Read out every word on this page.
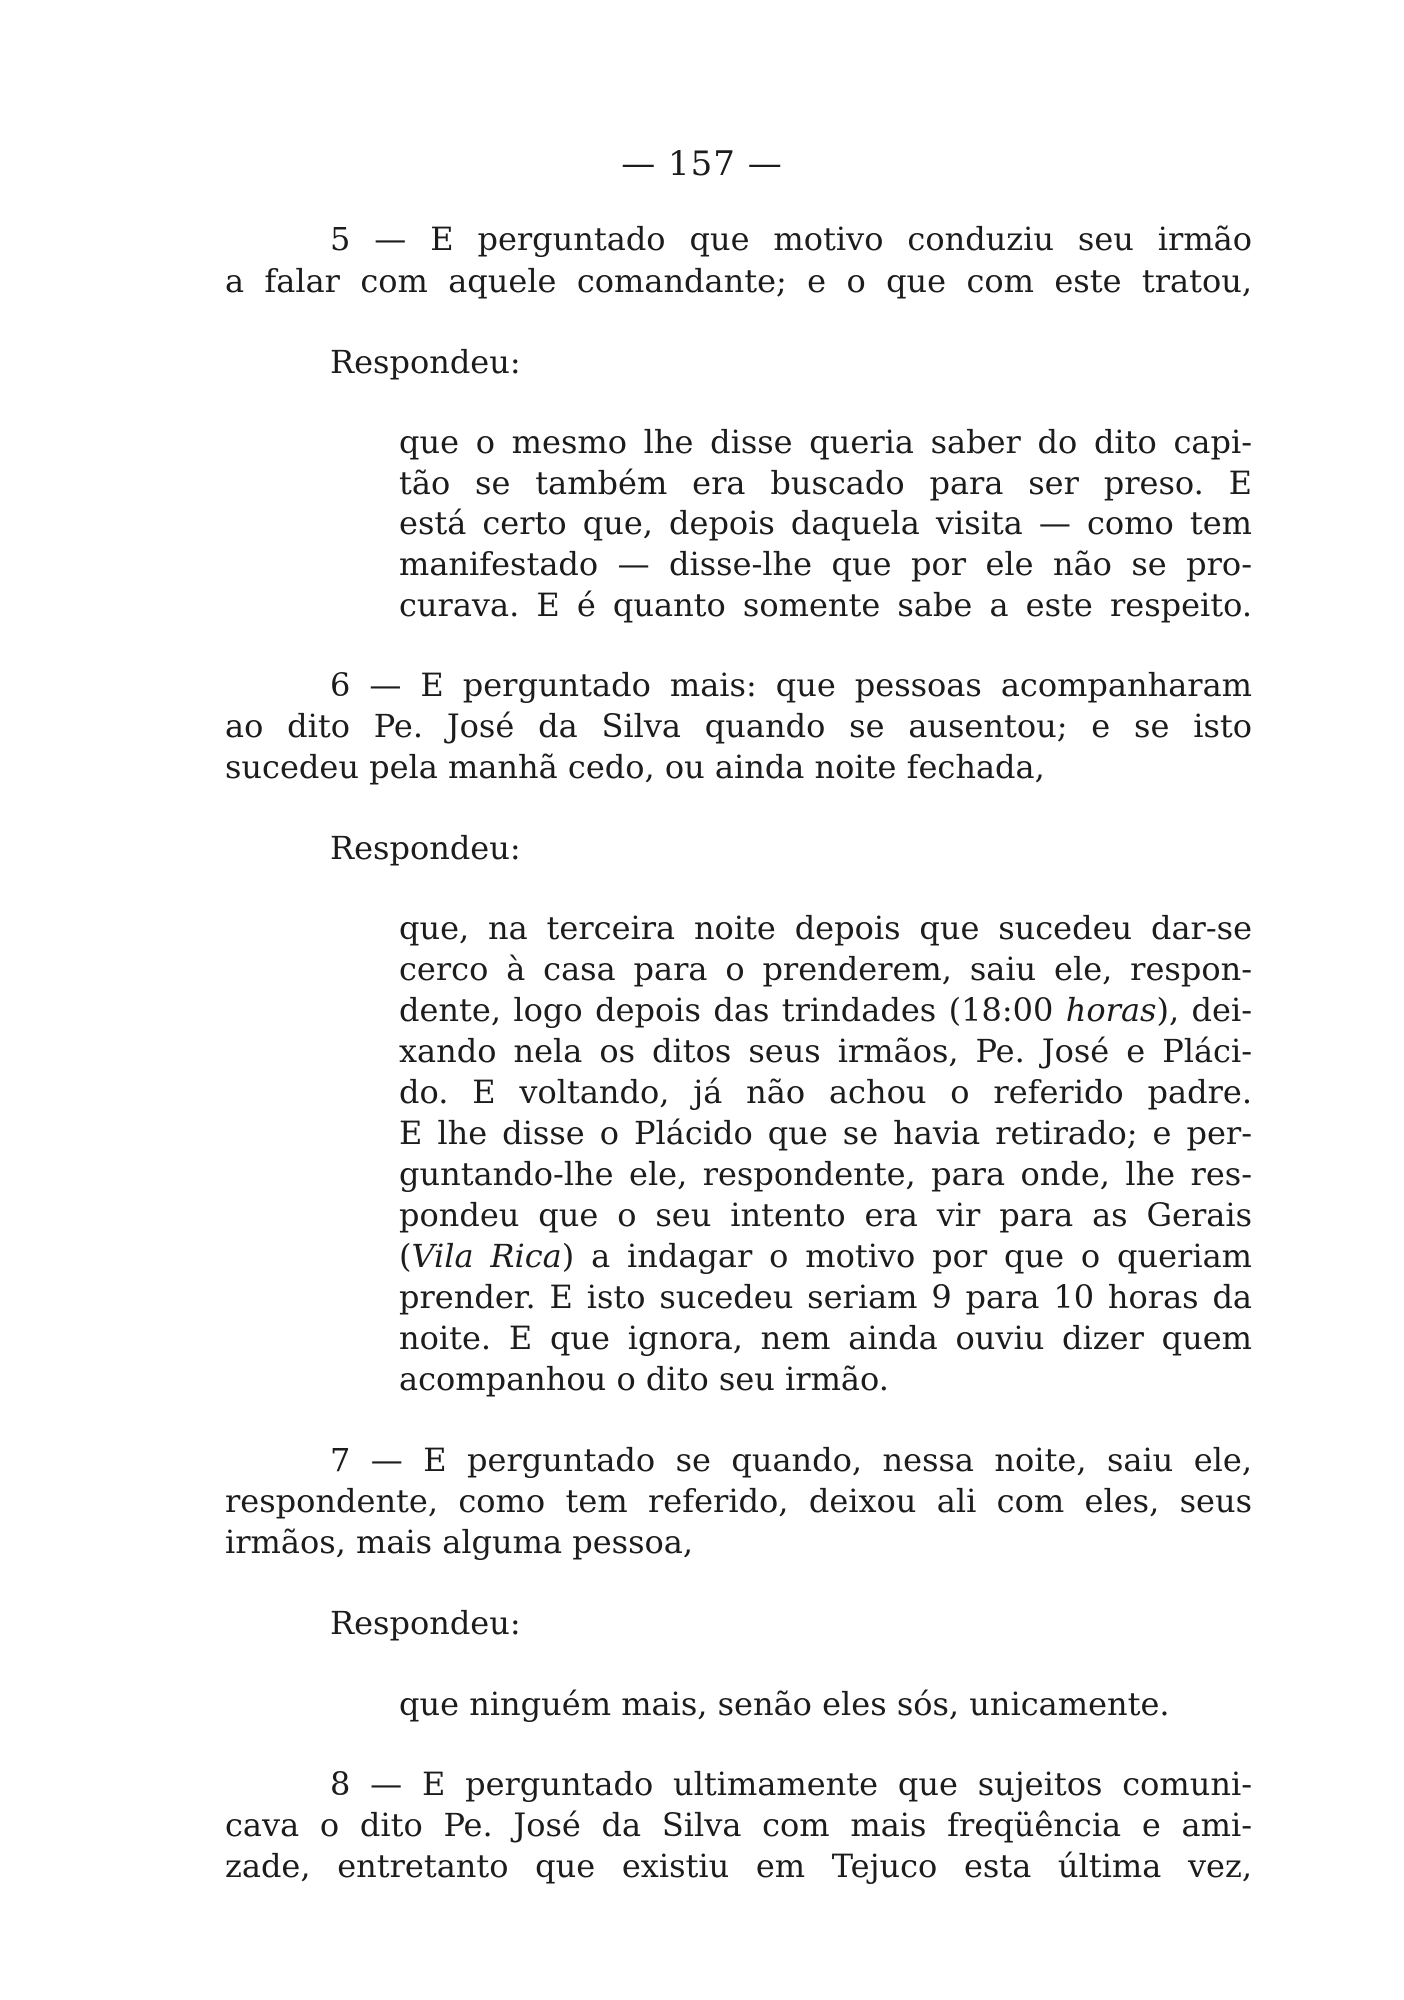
— 157 —
5 — E perguntado que motivo conduziu seu irmão
a falar com aquele comandante; e o que com este tratou,
Respondeu:
que o mesmo lhe disse queria saber do dito capi-
tão se também era buscado para ser preso. E
está certo que, depois daquela visita — como tem
manifestado — disse-lhe que por ele não se pro-
curava. E é quanto somente sabe a este respeito.
6 — E perguntado mais: que pessoas acompanharam
ao dito Pe. José da Silva quando se ausentou; e se isto
sucedeu pela manhã cedo, ou ainda noite fechada,
Respondeu:
que, na terceira noite depois que sucedeu dar-se
cerco à casa para o prenderem, saiu ele, respon-
dente, logo depois das trindades (18:00 horas), dei-
xando nela os ditos seus irmãos, Pe. José e Pláci-
do. E voltando, já não achou o referido padre.
E lhe disse o Plácido que se havia retirado; e per-
guntando-lhe ele, respondente, para onde, lhe res-
pondeu que o seu intento era vir para as Gerais
(Vila Rica) a indagar o motivo por que o queriam
prender. E isto sucedeu seriam 9 para 10 horas da
noite. E que ignora, nem ainda ouviu dizer quem
acompanhou o dito seu irmão.
7 — E perguntado se quando, nessa noite, saiu ele,
respondente, como tem referido, deixou ali com eles, seus
irmãos, mais alguma pessoa,
Respondeu:
que ninguém mais, senão eles sós, unicamente.
8 — E perguntado ultimamente que sujeitos comuni-
cava o dito Pe. José da Silva com mais freqüência e ami-
zade, entretanto que existiu em Tejuco esta última vez,
